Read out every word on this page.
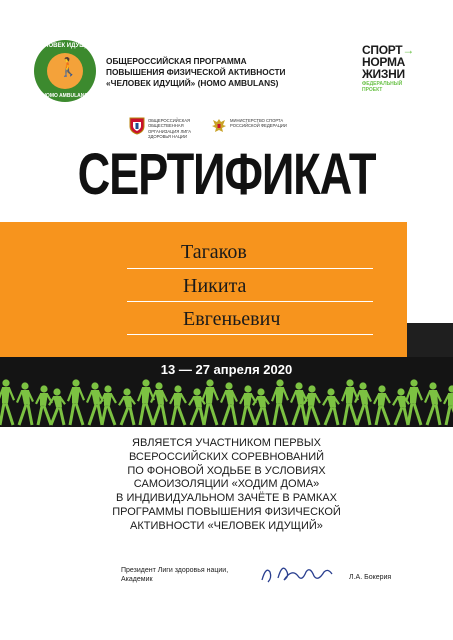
ЧЕЛОВЕК ИДУЩИЙ
🚶
HOMO AMBULANS
ОБЩЕРОССИЙСКАЯ ПРОГРАММА
ПОВЫШЕНИЯ ФИЗИЧЕСКОЙ АКТИВНОСТИ
«ЧЕЛОВЕК ИДУЩИЙ» (HOMO AMBULANS)
СПОРТ→
НОРМА
ЖИЗНИ
ФЕДЕРАЛЬНЫЙ
ПРОЕКТ
ОБЩЕРОССИЙСКАЯ ОБЩЕСТВЕННАЯ ОРГАНИЗАЦИЯ ЛИГА ЗДОРОВЬЯ НАЦИИ
МИНИСТЕРСТВО СПОРТА РОССИЙСКОЙ ФЕДЕРАЦИИ
СЕРТИФИКАТ
Тагаков
Никита
Евгеньевич
13 — 27 апреля 2020
ЯВЛЯЕТСЯ УЧАСТНИКОМ ПЕРВЫХ
ВСЕРОССИЙСКИХ СОРЕВНОВАНИЙ
ПО ФОНОВОЙ ХОДЬБЕ В УСЛОВИЯХ
САМОИЗОЛЯЦИИ «ХОДИМ ДОМА»
В ИНДИВИДУАЛЬНОМ ЗАЧЁТЕ В РАМКАХ
ПРОГРАММЫ ПОВЫШЕНИЯ ФИЗИЧЕСКОЙ
АКТИВНОСТИ «ЧЕЛОВЕК ИДУЩИЙ»
Президент Лиги здоровья нации,
Академик	Л.А. Бокерия
